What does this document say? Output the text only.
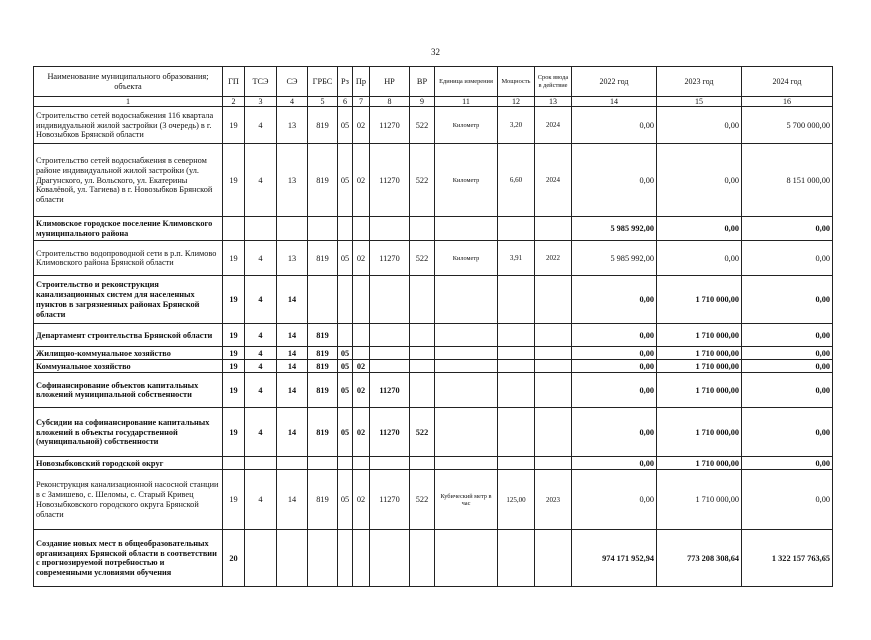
32
Наименование муниципального образования; объекта	ГП	ТСЭ	СЭ	ГРБС	Рз	Пр	НР	ВР	Единица измерения	Мощность	Срок ввода в действие	2022 год	2023 год	2024 год
1	2	3	4	5	6	7	8	9	11	12	13	14	15	16
Строительство сетей водоснабжения 116 квартала индивидуальной жилой застройки (3 очередь) в г. Новозыбков Брянской области	19	4	13	819	05	02	11270	522	Километр	3,20	2024	0,00	0,00	5 700 000,00
Строительство сетей водоснабжения в северном районе индивидуальной жилой застройки (ул. Драгунского, ул. Вольского, ул. Екатерины Ковалёвой, ул. Тагиева) в г. Новозыбков Брянской области	19	4	13	819	05	02	11270	522	Километр	6,60	2024	0,00	0,00	8 151 000,00
Климовское городское поселение Климовского муниципального района												5 985 992,00	0,00	0,00
Строительство водопроводной сети в р.п. Климово Климовского района Брянской области	19	4	13	819	05	02	11270	522	Километр	3,91	2022	5 985 992,00	0,00	0,00
Строительство и реконструкция канализационных систем для населенных пунктов в загрязненных районах Брянской области	19	4	14									0,00	1 710 000,00	0,00
Департамент строительства Брянской области	19	4	14	819								0,00	1 710 000,00	0,00
Жилищно-коммунальное хозяйство	19	4	14	819	05							0,00	1 710 000,00	0,00
Коммунальное хозяйство	19	4	14	819	05	02						0,00	1 710 000,00	0,00
Софинансирование объектов капитальных вложений муниципальной собственности	19	4	14	819	05	02	11270					0,00	1 710 000,00	0,00
Субсидии на софинансирование капитальных вложений в объекты государственной (муниципальной) собственности	19	4	14	819	05	02	11270	522				0,00	1 710 000,00	0,00
Новозыбковский городской округ												0,00	1 710 000,00	0,00
Реконструкция канализационной насосной станции в с Замишево, с. Шеломы, с. Старый Кривец Новозыбковского городского округа Брянской области	19	4	14	819	05	02	11270	522	Кубический метр в час	125,00	2023	0,00	1 710 000,00	0,00
Создание новых мест в общеобразовательных организациях Брянской области в соответствии с прогнозируемой потребностью и современными условиями обучения	20											974 171 952,94	773 208 308,64	1 322 157 763,65
